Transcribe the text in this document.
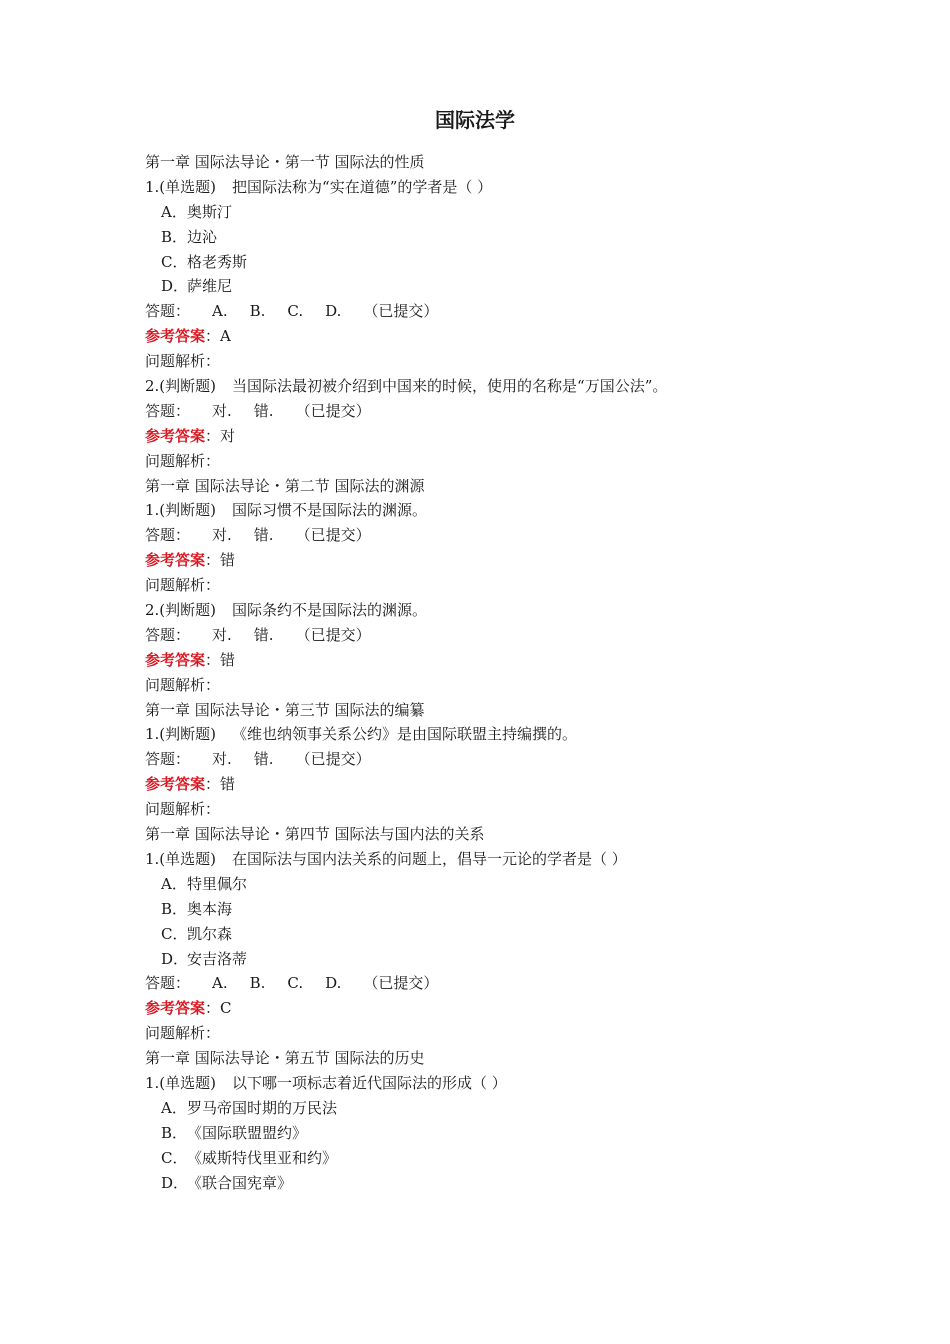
国际法学
第一章 国际法导论・第一节 国际法的性质
1.(单选题) 把国际法称为“实在道德”的学者是（ ）
A．奥斯汀
B．边沁
C．格老秀斯
D．萨维尼
答题： A. B. C. D. （已提交）
参考答案：A
问题解析：
2.(判断题) 当国际法最初被介绍到中国来的时候，使用的名称是“万国公法”。
答题： 对. 错. （已提交）
参考答案：对
问题解析：
第一章 国际法导论・第二节 国际法的渊源
1.(判断题) 国际习惯不是国际法的渊源。
答题： 对. 错. （已提交）
参考答案：错
问题解析：
2.(判断题) 国际条约不是国际法的渊源。
答题： 对. 错. （已提交）
参考答案：错
问题解析：
第一章 国际法导论・第三节 国际法的编纂
1.(判断题) 《维也纳领事关系公约》是由国际联盟主持编撰的。
答题： 对. 错. （已提交）
参考答案：错
问题解析：
第一章 国际法导论・第四节 国际法与国内法的关系
1.(单选题) 在国际法与国内法关系的问题上，倡导一元论的学者是（ ）
A．特里佩尔
B．奥本海
C．凯尔森
D．安吉洛蒂
答题： A. B. C. D. （已提交）
参考答案：C
问题解析：
第一章 国际法导论・第五节 国际法的历史
1.(单选题) 以下哪一项标志着近代国际法的形成（ ）
A．罗马帝国时期的万民法
B．《国际联盟盟约》
C．《威斯特伐里亚和约》
D．《联合国宪章》
